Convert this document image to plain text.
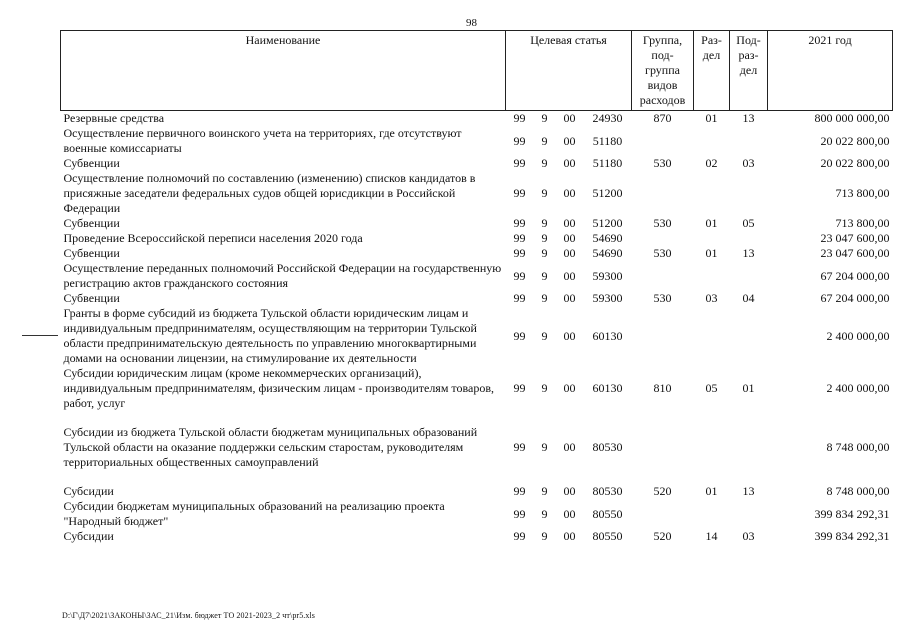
98
Наименование	Целевая статья				Группа, под- группа видов расходов	Раз- дел	Под- раз- дел	2021 год
Резервные средства	99	9	00	24930	870	01	13	800 000 000,00
Осуществление первичного воинского учета на территориях, где отсутствуют военные комиссариаты	99	9	00	51180				20 022 800,00
Субвенции	99	9	00	51180	530	02	03	20 022 800,00
Осуществление полномочий по составлению (изменению) списков кандидатов в присяжные заседатели федеральных судов общей юрисдикции в Российской Федерации	99	9	00	51200				713 800,00
Субвенции	99	9	00	51200	530	01	05	713 800,00
Проведение Всероссийской переписи населения 2020 года	99	9	00	54690				23 047 600,00
Субвенции	99	9	00	54690	530	01	13	23 047 600,00
Осуществление переданных полномочий Российской Федерации на государственную регистрацию актов гражданского состояния	99	9	00	59300				67 204 000,00
Субвенции	99	9	00	59300	530	03	04	67 204 000,00
Гранты в форме субсидий из бюджета Тульской области юридическим лицам и индивидуальным предпринимателям, осуществляющим на территории Тульской области предпринимательскую деятельность по управлению многоквартирными домами на основании лицензии, на стимулирование их деятельности	99	9	00	60130				2 400 000,00
Субсидии юридическим лицам (кроме некоммерческих организаций), индивидуальным предпринимателям, физическим лицам - производителям товаров, работ, услуг	99	9	00	60130	810	05	01	2 400 000,00

Субсидии из бюджета Тульской области бюджетам муниципальных образований Тульской области на оказание поддержки сельским старостам, руководителям территориальных общественных самоуправлений	99	9	00	80530				8 748 000,00

Субсидии	99	9	00	80530	520	01	13	8 748 000,00
Субсидии бюджетам муниципальных образований на реализацию проекта "Народный бюджет"	99	9	00	80550				399 834 292,31
Субсидии	99	9	00	80550	520	14	03	399 834 292,31
D:\Г\Д7\2021\ЗАКОНЫ\ЗАС_21\Изм. бюджет ТО 2021-2023_2 чт\pr5.xls
